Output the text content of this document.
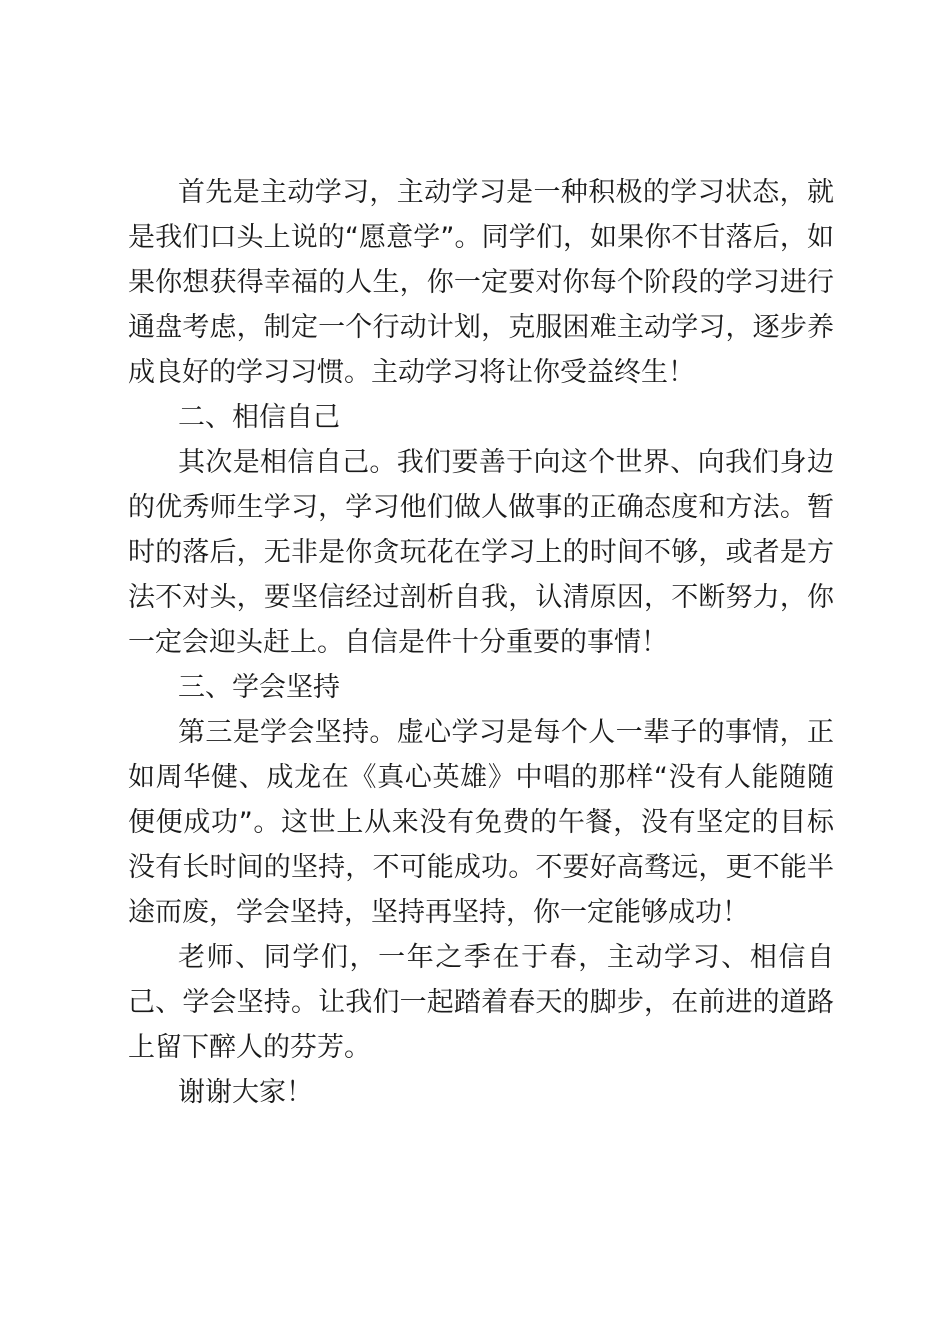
首先是主动学习，主动学习是一种积极的学习状态，就是我们口头上说的“愿意学”。同学们，如果你不甘落后，如果你想获得幸福的人生，你一定要对你每个阶段的学习进行通盘考虑，制定一个行动计划，克服困难主动学习，逐步养成良好的学习习惯。主动学习将让你受益终生！

二、相信自己

其次是相信自己。我们要善于向这个世界、向我们身边的优秀师生学习，学习他们做人做事的正确态度和方法。暂时的落后，无非是你贪玩花在学习上的时间不够，或者是方法不对头，要坚信经过剖析自我，认清原因，不断努力，你一定会迎头赶上。自信是件十分重要的事情！

三、学会坚持

第三是学会坚持。虚心学习是每个人一辈子的事情，正如周华健、成龙在《真心英雄》中唱的那样“没有人能随随便便成功”。这世上从来没有免费的午餐，没有坚定的目标没有长时间的坚持，不可能成功。不要好高骛远，更不能半途而废，学会坚持，坚持再坚持，你一定能够成功！

老师、同学们，一年之季在于春，主动学习、相信自己、学会坚持。让我们一起踏着春天的脚步，在前进的道路上留下醉人的芬芳。

谢谢大家！
